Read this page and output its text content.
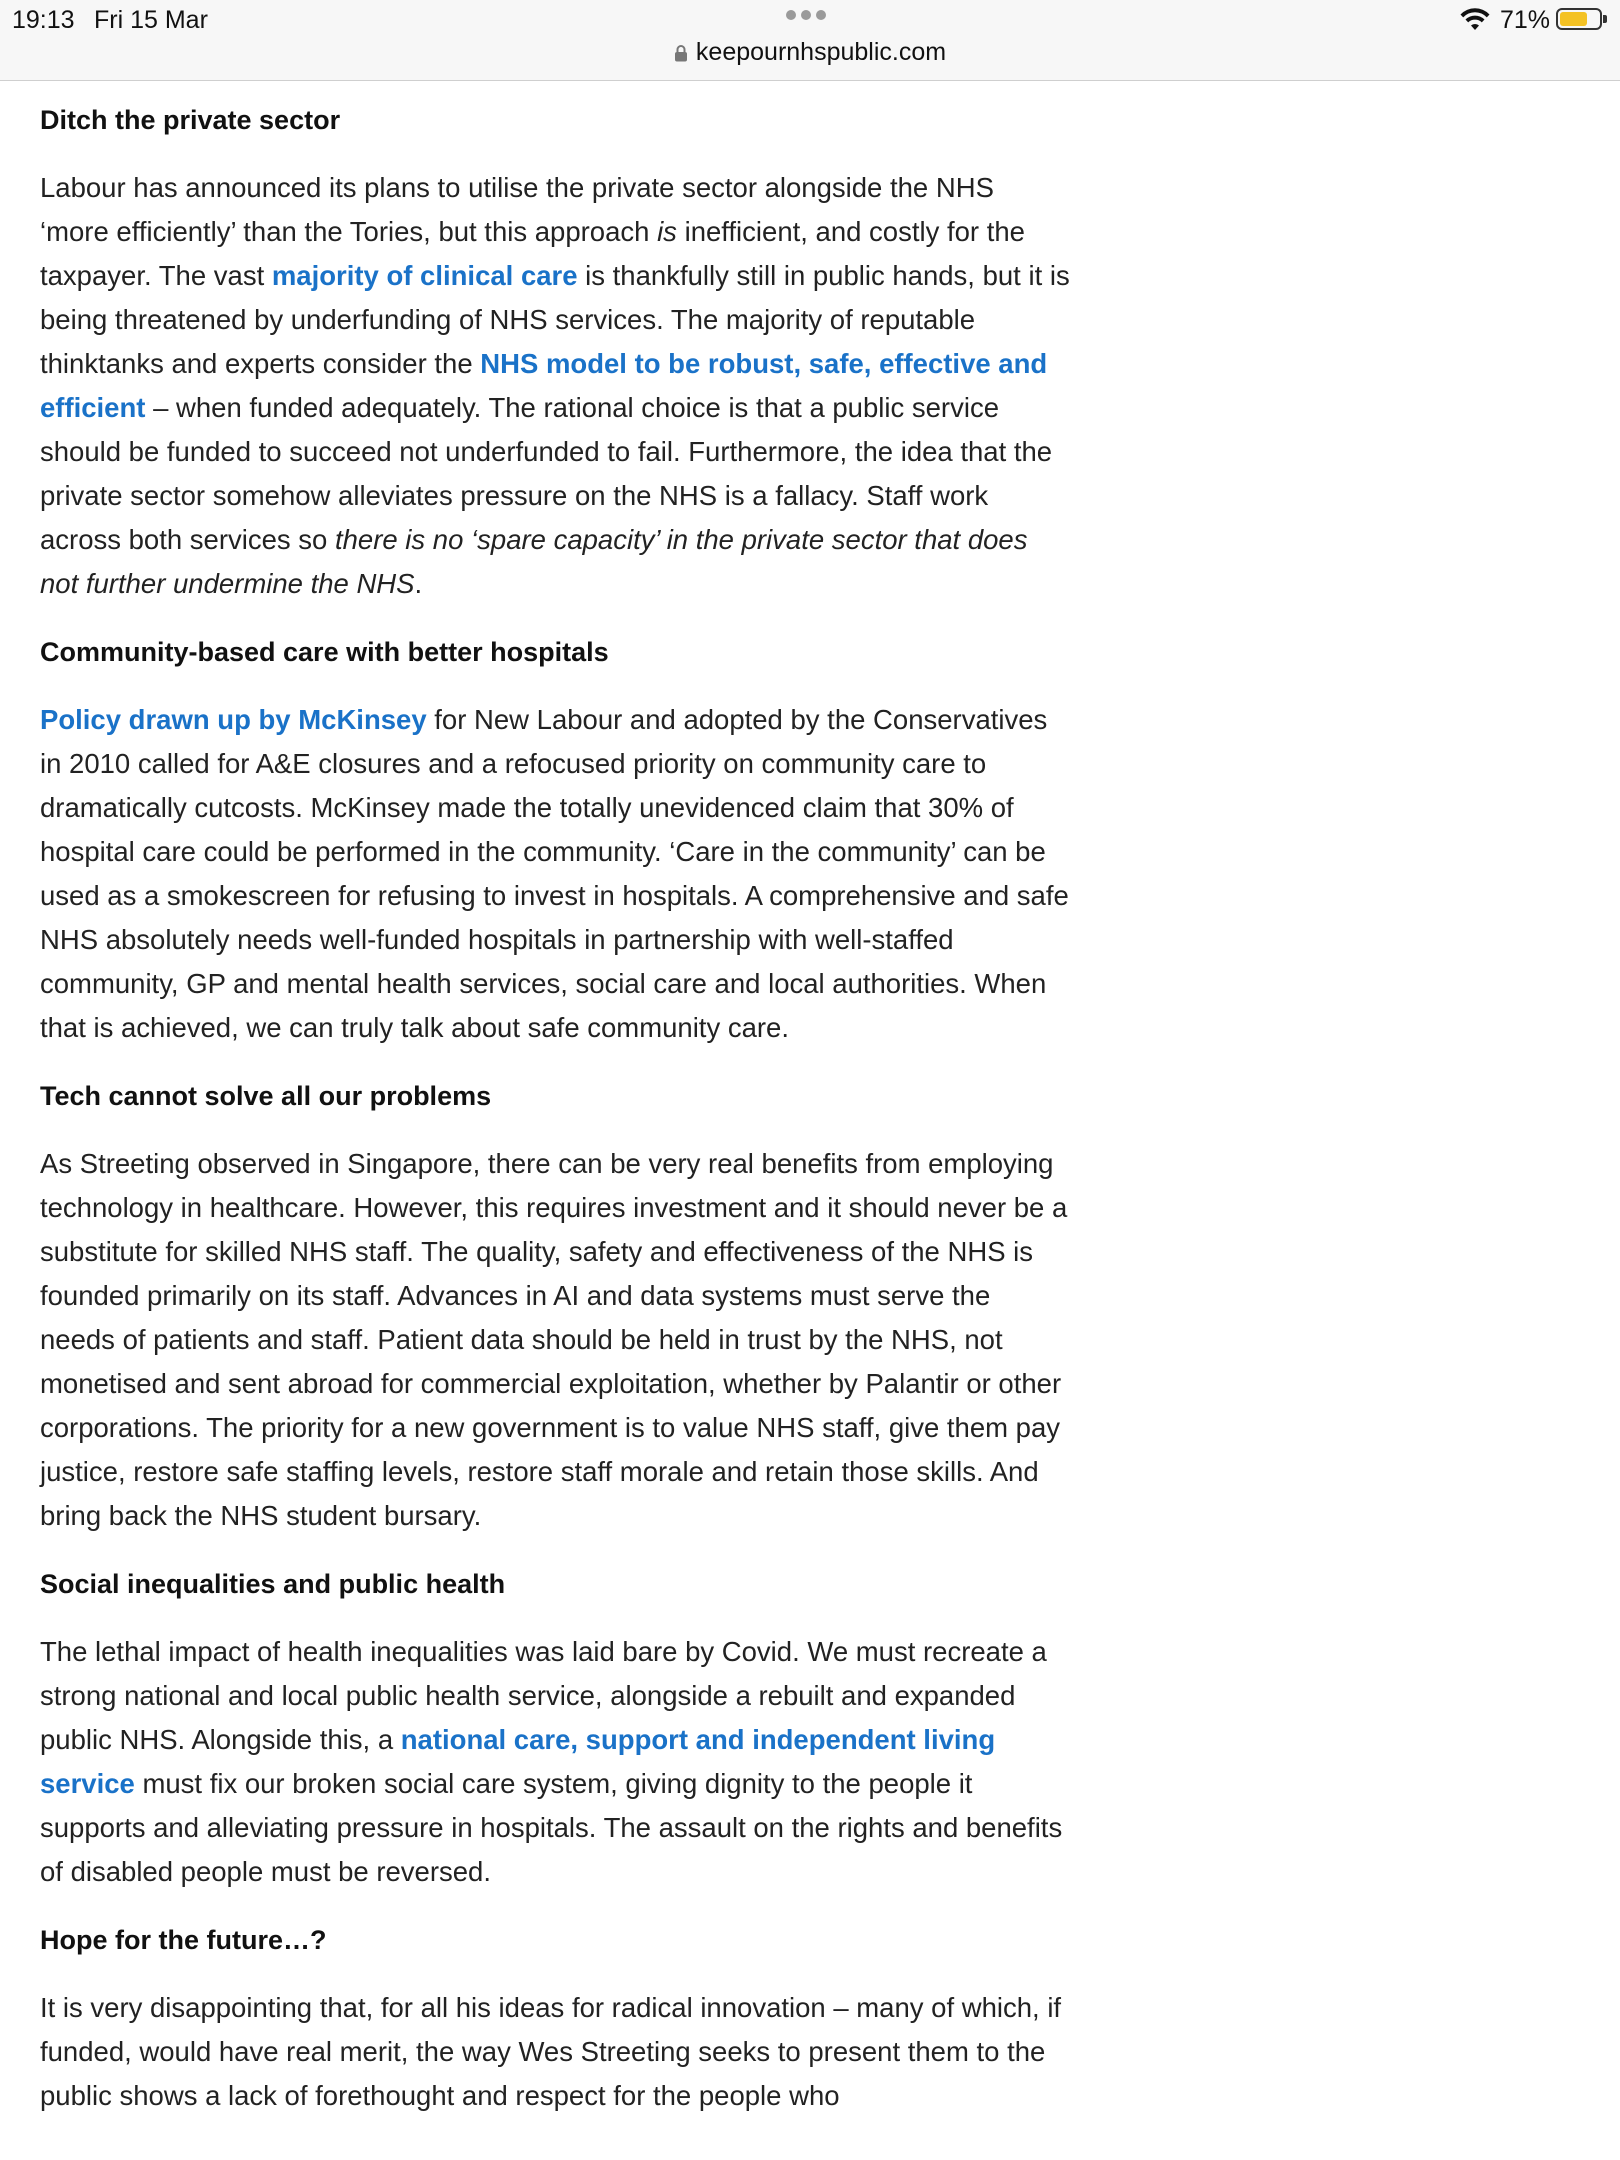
19:13 Fri 15 Mar	71%
keepournhspublic.com
Ditch the private sector

Labour has announced its plans to utilise the private sector alongside the NHS ‘more efficiently’ than the Tories, but this approach is inefficient, and costly for the taxpayer. The vast majority of clinical care is thankfully still in public hands, but it is being threatened by underfunding of NHS services. The majority of reputable thinktanks and experts consider the NHS model to be robust, safe, effective and efficient – when funded adequately. The rational choice is that a public service should be funded to succeed not underfunded to fail. Furthermore, the idea that the private sector somehow alleviates pressure on the NHS is a fallacy. Staff work across both services so there is no ‘spare capacity’ in the private sector that does not further undermine the NHS.

Community-based care with better hospitals

Policy drawn up by McKinsey for New Labour and adopted by the Conservatives in 2010 called for A&E closures and a refocused priority on community care to dramatically cutcosts. McKinsey made the totally unevidenced claim that 30% of hospital care could be performed in the community. ‘Care in the community’ can be used as a smokescreen for refusing to invest in hospitals. A comprehensive and safe NHS absolutely needs well-funded hospitals in partnership with well-staffed community, GP and mental health services, social care and local authorities. When that is achieved, we can truly talk about safe community care.

Tech cannot solve all our problems

As Streeting observed in Singapore, there can be very real benefits from employing technology in healthcare. However, this requires investment and it should never be a substitute for skilled NHS staff. The quality, safety and effectiveness of the NHS is founded primarily on its staff. Advances in AI and data systems must serve the needs of patients and staff. Patient data should be held in trust by the NHS, not monetised and sent abroad for commercial exploitation, whether by Palantir or other corporations. The priority for a new government is to value NHS staff, give them pay justice, restore safe staffing levels, restore staff morale and retain those skills. And bring back the NHS student bursary.

Social inequalities and public health

The lethal impact of health inequalities was laid bare by Covid. We must recreate a strong national and local public health service, alongside a rebuilt and expanded public NHS. Alongside this, a national care, support and independent living service must fix our broken social care system, giving dignity to the people it supports and alleviating pressure in hospitals. The assault on the rights and benefits of disabled people must be reversed.

Hope for the future…?

It is very disappointing that, for all his ideas for radical innovation – many of which, if funded, would have real merit, the way Wes Streeting seeks to present them to the public shows a lack of forethought and respect for the people who
